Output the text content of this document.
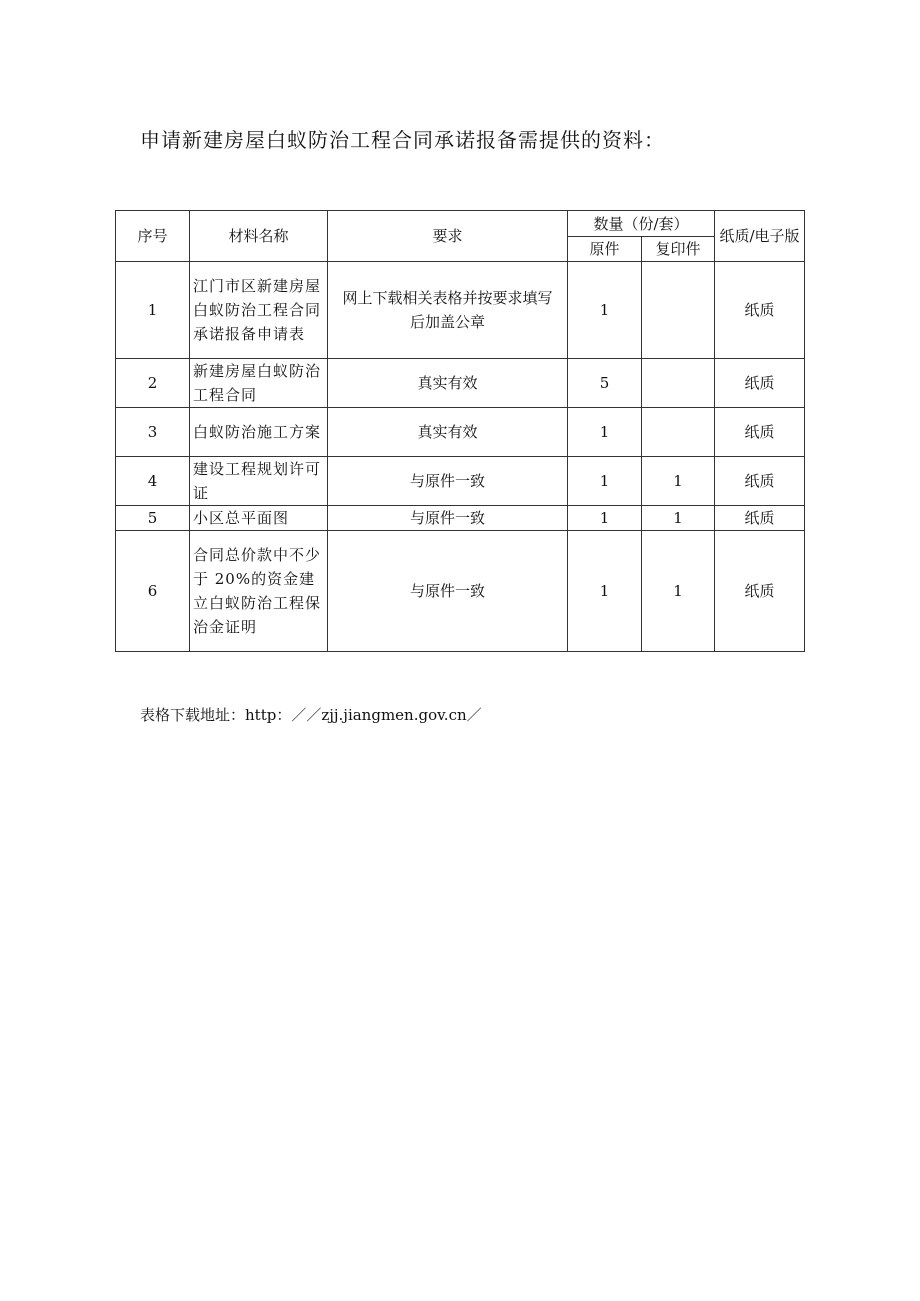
申请新建房屋白蚁防治工程合同承诺报备需提供的资料：
序号	材料名称	要求	数量（份/套）		纸质/电子版
			原件	复印件	
1	江门市区新建房屋白蚁防治工程合同承诺报备申请表	网上下载相关表格并按要求填写后加盖公章	1		纸质
2	新建房屋白蚁防治工程合同	真实有效	5		纸质
3	白蚁防治施工方案	真实有效	1		纸质
4	建设工程规划许可证	与原件一致	1	1	纸质
5	小区总平面图	与原件一致	1	1	纸质
6	合同总价款中不少于 20%的资金建立白蚁防治工程保治金证明	与原件一致	1	1	纸质
表格下载地址：http：／／zjj.jiangmen.gov.cn／
